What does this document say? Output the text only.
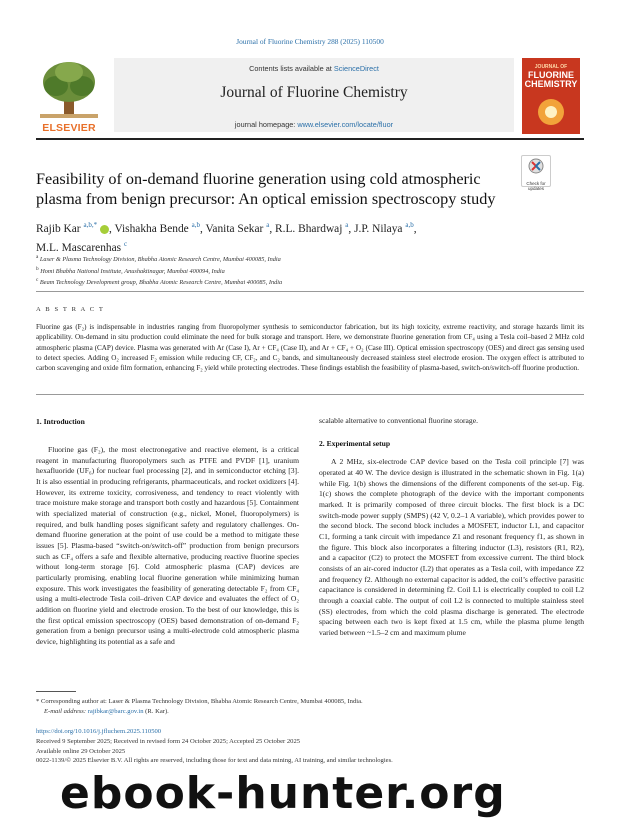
Journal of Fluorine Chemistry 288 (2025) 110500
ELSEVIER
Contents lists available at ScienceDirect
Journal of Fluorine Chemistry
journal homepage: www.elsevier.com/locate/fluor
JOURNAL OF
FLUORINE CHEMISTRY
Feasibility of on-demand fluorine generation using cold atmospheric plasma from benign precursor: An optical emission spectroscopy study
Check for updates
Rajib Kar $^{a,b,*}$ , Vishakha Bende $^{a,b}$, Vanita Sekar $^a$, R.L. Bhardwaj $^a$, J.P. Nilaya $^{a,b}$,
M.L. Mascarenhas $^c$
$^a$ Laser & Plasma Technology Division, Bhabha Atomic Research Centre, Mumbai 400085, India
$^b$ Homi Bhabha National Institute, Anushaktinagar, Mumbai 400094, India
$^c$ Beam Technology Development group, Bhabha Atomic Research Centre, Mumbai 400085, India
A B S T R A C T
Fluorine gas (F₂) is indispensable in industries ranging from fluoropolymer synthesis to semiconductor fabrication, but its high toxicity, extreme reactivity, and storage hazards limit its applicability. On-demand in situ production could eliminate the need for bulk storage and transport. Here, we demonstrate fluorine generation from CF₄ using a Tesla coil–based 2 MHz cold atmospheric plasma (CAP) device. Plasma was generated with Ar (Case I), Ar + CF₄ (Case II), and Ar + CF₄ + O₂ (Case III). Optical emission spectroscopy (OES) and direct gas sensing used to detect species. Adding O₂ increased F₂ emission while reducing CF, CF₂, and C₂ bands, and simultaneously decreased stainless steel electrode erosion. The oxygen effect is attributed to carbon scavenging and oxide film formation, enhancing F₂ yield while protecting electrodes. These findings establish the feasibility of plasma-based, switch-on/switch-off fluorine production.
1. Introduction

Fluorine gas (F₂), the most electronegative and reactive element, is a critical reagent in manufacturing fluoropolymers such as PTFE and PVDF [1], uranium hexafluoride (UF₆) for nuclear fuel processing [2], and in semiconductor etching [3]. It is also essential in producing refrigerants, pharmaceuticals, and rocket oxidizers [4]. However, its extreme toxicity, corrosiveness, and tendency to react violently with trace moisture make storage and transport both costly and hazardous [5]. Containment with specialized material of construction (e.g., nickel, Monel, fluoropolymers) is required, and bulk handling poses significant safety and regulatory challenges. On-demand fluorine generation at the point of use could be a method to mitigate these issues [5]. Plasma-based “switch-on/switch-off” production from benign precursors such as CF₄ offers a safe and flexible alternative, producing reactive fluorine species without long-term storage [6]. Cold atmospheric plasma (CAP) devices are particularly promising, enabling local fluorine generation while minimizing human exposure. This work investigates the feasibility of generating detectable F₂ from CF₄ using a multi-electrode Tesla coil–driven CAP device and evaluates the effect of O₂ addition on fluorine yield and electrode erosion. To the best of our knowledge, this is the first optical emission spectroscopy (OES) based demonstration of on-demand F₂ generation from a benign precursor using a multi-electrode cold atmospheric plasma device, highlighting its potential as a safe and

scalable alternative to conventional fluorine storage.
2. Experimental setup

A 2 MHz, six-electrode CAP device based on the Tesla coil principle [7] was operated at 40 W. The device design is illustrated in the schematic shown in Fig. 1(a) while Fig. 1(b) shows the dimensions of the different components of the set-up. Fig. 1(c) shows the complete photograph of the device with the important components marked. It is primarily composed of three circuit blocks. The first block is a DC switch-mode power supply (SMPS) (42 V, 0.2–1 A variable), which provides power to the second block. The second block includes a MOSFET, inductor L1, and capacitor C1, forming a tank circuit with impedance Z1 and resonant frequency f1, as shown in the figure. This block also incorporates a filtering inductor (L3), resistors (R1, R2), and a capacitor (C2) to protect the MOSFET from excessive current. The third block consists of an air-cored inductor (L2) that operates as a Tesla coil, with impedance Z2 and frequency f2. Although no external capacitor is added, the coil’s effective parasitic capacitance is considered in determining f2. Coil L1 is electrically coupled to coil L2 through a coaxial cable. The output of coil L2 is connected to multiple stainless steel (SS) electrodes, from which the cold plasma discharge is generated. The electrode spacing between each two is kept fixed at 1.5 cm, while the plasma plume length varied between ~1.5–2 cm and maximum plume

* Corresponding author at: Laser & Plasma Technology Division, Bhabha Atomic Research Centre, Mumbai 400085, India.
E-mail address: rajibkar@barc.gov.in (R. Kar).
https://doi.org/10.1016/j.jfluchem.2025.110500
Received 9 September 2025; Received in revised form 24 October 2025; Accepted 25 October 2025
Available online 29 October 2025
0022-1139/© 2025 Elsevier B.V. All rights are reserved, including those for text and data mining, AI training, and similar technologies.
ebook-hunter.org
